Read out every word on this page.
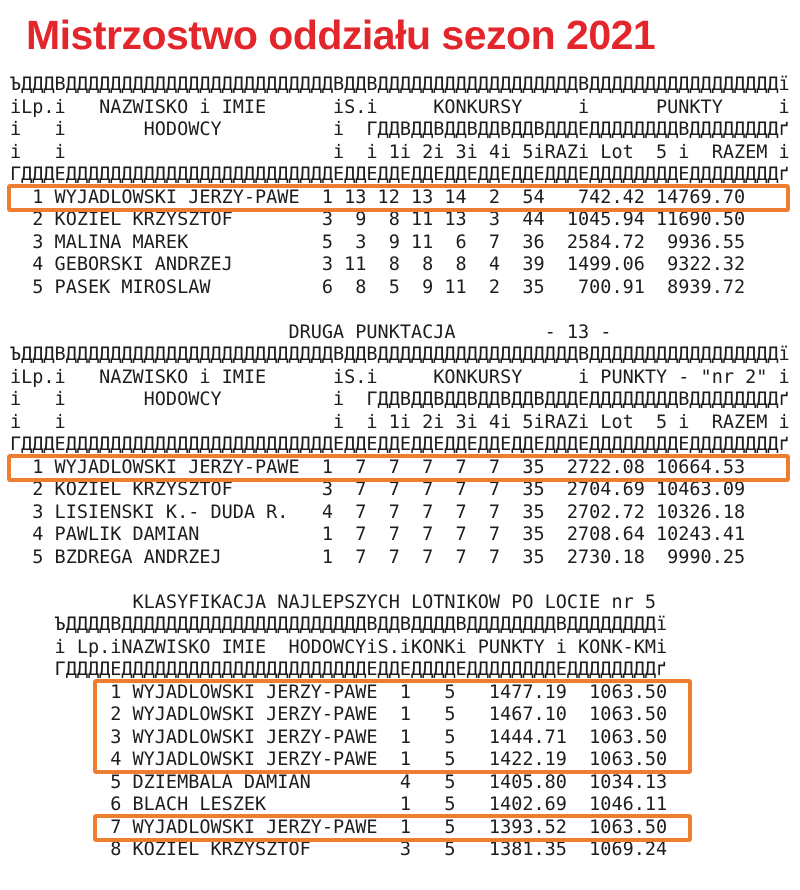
Mistrzostwo oddziału sezon 2021
ЪДДДВДДДДДДДДДДДДДДДДДДДДДДДДВДДВДДДДДДДДДДДДДДДДДДВДДДДДДДДДДДДДДДДДї
іLp.і   NAZWISKO i IMIE      іS.і     KONKURSY     і      PUNKTY     і
і   і       HODOWCY          і  ГДДВДДВДДВДДВДДВДДДЕДДДДДДДДВДДДДДДДДґ
і   і                        і  і 1і 2і 3і 4і 5іRAZі Lot  5 і  RAZEM і
ГДДДЕДДДДДДДДДДДДДДДДДДДДДДДДЕДДЕДДЕДДЕДДЕДДЕДДЕДДДЕДДДДДДДДЕДДДДДДДДґ
1 WYJADLOWSKI JERZY-PAWE  1 13 12 13 14  2  54   742.42 14769.70
2 KOZIEL KRZYSZTOF        3  9  8 11 13  3  44  1045.94 11690.50
3 MALINA MAREK            5  3  9 11  6  7  36  2584.72  9936.55
4 GEBORSKI ANDRZEJ        3 11  8  8  8  4  39  1499.06  9322.32
5 PASEK MIROSLAW          6  8  5  9 11  2  35   700.91  8939.72

DRUGA PUNKTACJA        - 13 -
ЪДДДВДДДДДДДДДДДДДДДДДДДДДДДДВДДВДДДДДДДДДДДДДДДДДДВДДДДДДДДДДДДДДДДДї
іLp.і   NAZWISKO i IMIE      іS.і     KONKURSY     і PUNKTY - "nr 2" і
і   і       HODOWCY          і  ГДДВДДВДДВДДВДДВДДДЕДДДДДДДДВДДДДДДДДґ
і   і                        і  і 1і 2і 3і 4і 5іRAZі Lot  5 і  RAZEM і
ГДДДЕДДДДДДДДДДДДДДДДДДДДДДДДЕДДЕДДЕДДЕДДЕДДЕДДЕДДДЕДДДДДДДДЕДДДДДДДДґ
1 WYJADLOWSKI JERZY-PAWE  1  7  7  7  7  7  35  2722.08 10664.53
2 KOZIEL KRZYSZTOF        3  7  7  7  7  7  35  2704.69 10463.09
3 LISIENSKI K.- DUDA R.   4  7  7  7  7  7  35  2702.72 10326.18
4 PAWLIK DAMIAN           1  7  7  7  7  7  35  2708.64 10243.41
5 BZDREGA ANDRZEJ         1  7  7  7  7  7  35  2730.18  9990.25

KLASYFIKACJA NAJLEPSZYCH LOTNIKOW PO LOCIE nr 5
ЪДДДДВДДДДДДДДДДДДДДДДДДДДДДВДДВДДДДВДДДДДДДДВДДДДДДДДї
і Lp.іNAZWISKO IMIE  HODOWCYіS.іKONKі PUNKTY і KONK-KMі
ГДДДДЕДДДДДДДДДДДДДДДДДДДДДДЕДДЕДДДДЕДДДДДДДДЕДДДДДДДДґ
1 WYJADLOWSKI JERZY-PAWE  1   5   1477.19  1063.50
2 WYJADLOWSKI JERZY-PAWE  1   5   1467.10  1063.50
3 WYJADLOWSKI JERZY-PAWE  1   5   1444.71  1063.50
4 WYJADLOWSKI JERZY-PAWE  1   5   1422.19  1063.50
5 DZIEMBALA DAMIAN        4   5   1405.80  1034.13
6 BLACH LESZEK            1   5   1402.69  1046.11
7 WYJADLOWSKI JERZY-PAWE  1   5   1393.52  1063.50
8 KOZIEL KRZYSZTOF        3   5   1381.35  1069.24
